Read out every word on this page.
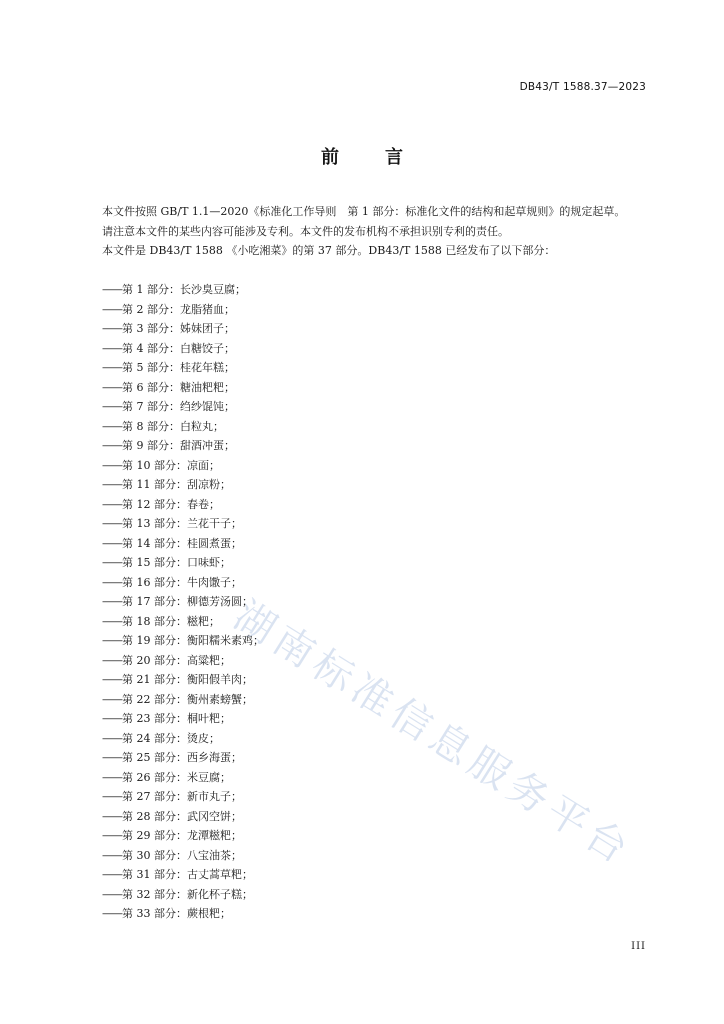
DB43/T 1588.37—2023
前　言

本文件按照 GB/T 1.1—2020《标准化工作导则　第 1 部分：标准化文件的结构和起草规则》的规定起草。

请注意本文件的某些内容可能涉及专利。本文件的发布机构不承担识别专利的责任。

本文件是 DB43/T 1588 《小吃湘菜》的第 37 部分。DB43/T 1588 已经发布了以下部分：

——第 1 部分：长沙臭豆腐；
——第 2 部分：龙脂猪血；
——第 3 部分：姊妹团子；
——第 4 部分：白糖饺子；
——第 5 部分：桂花年糕；
——第 6 部分：糖油粑粑；
——第 7 部分：绉纱馄饨；
——第 8 部分：白粒丸；
——第 9 部分：甜酒冲蛋；
——第 10 部分：凉面；
——第 11 部分：刮凉粉；
——第 12 部分：春卷；
——第 13 部分：兰花干子；
——第 14 部分：桂圆煮蛋；
——第 15 部分：口味虾；
——第 16 部分：牛肉馓子；
——第 17 部分：柳德芳汤圆；
——第 18 部分：糍粑；
——第 19 部分：衡阳糯米素鸡；
——第 20 部分：高粱粑；
——第 21 部分：衡阳假羊肉；
——第 22 部分：衡州素螃蟹；
——第 23 部分：桐叶粑；
——第 24 部分：烫皮；
——第 25 部分：西乡海蛋；
——第 26 部分：米豆腐；
——第 27 部分：新市丸子；
——第 28 部分：武冈空饼；
——第 29 部分：龙潭糍粑；
——第 30 部分：八宝油茶；
——第 31 部分：古丈蒿草粑；
——第 32 部分：新化杯子糕；
——第 33 部分：蕨根粑；
湖南标准信息服务平台
III
